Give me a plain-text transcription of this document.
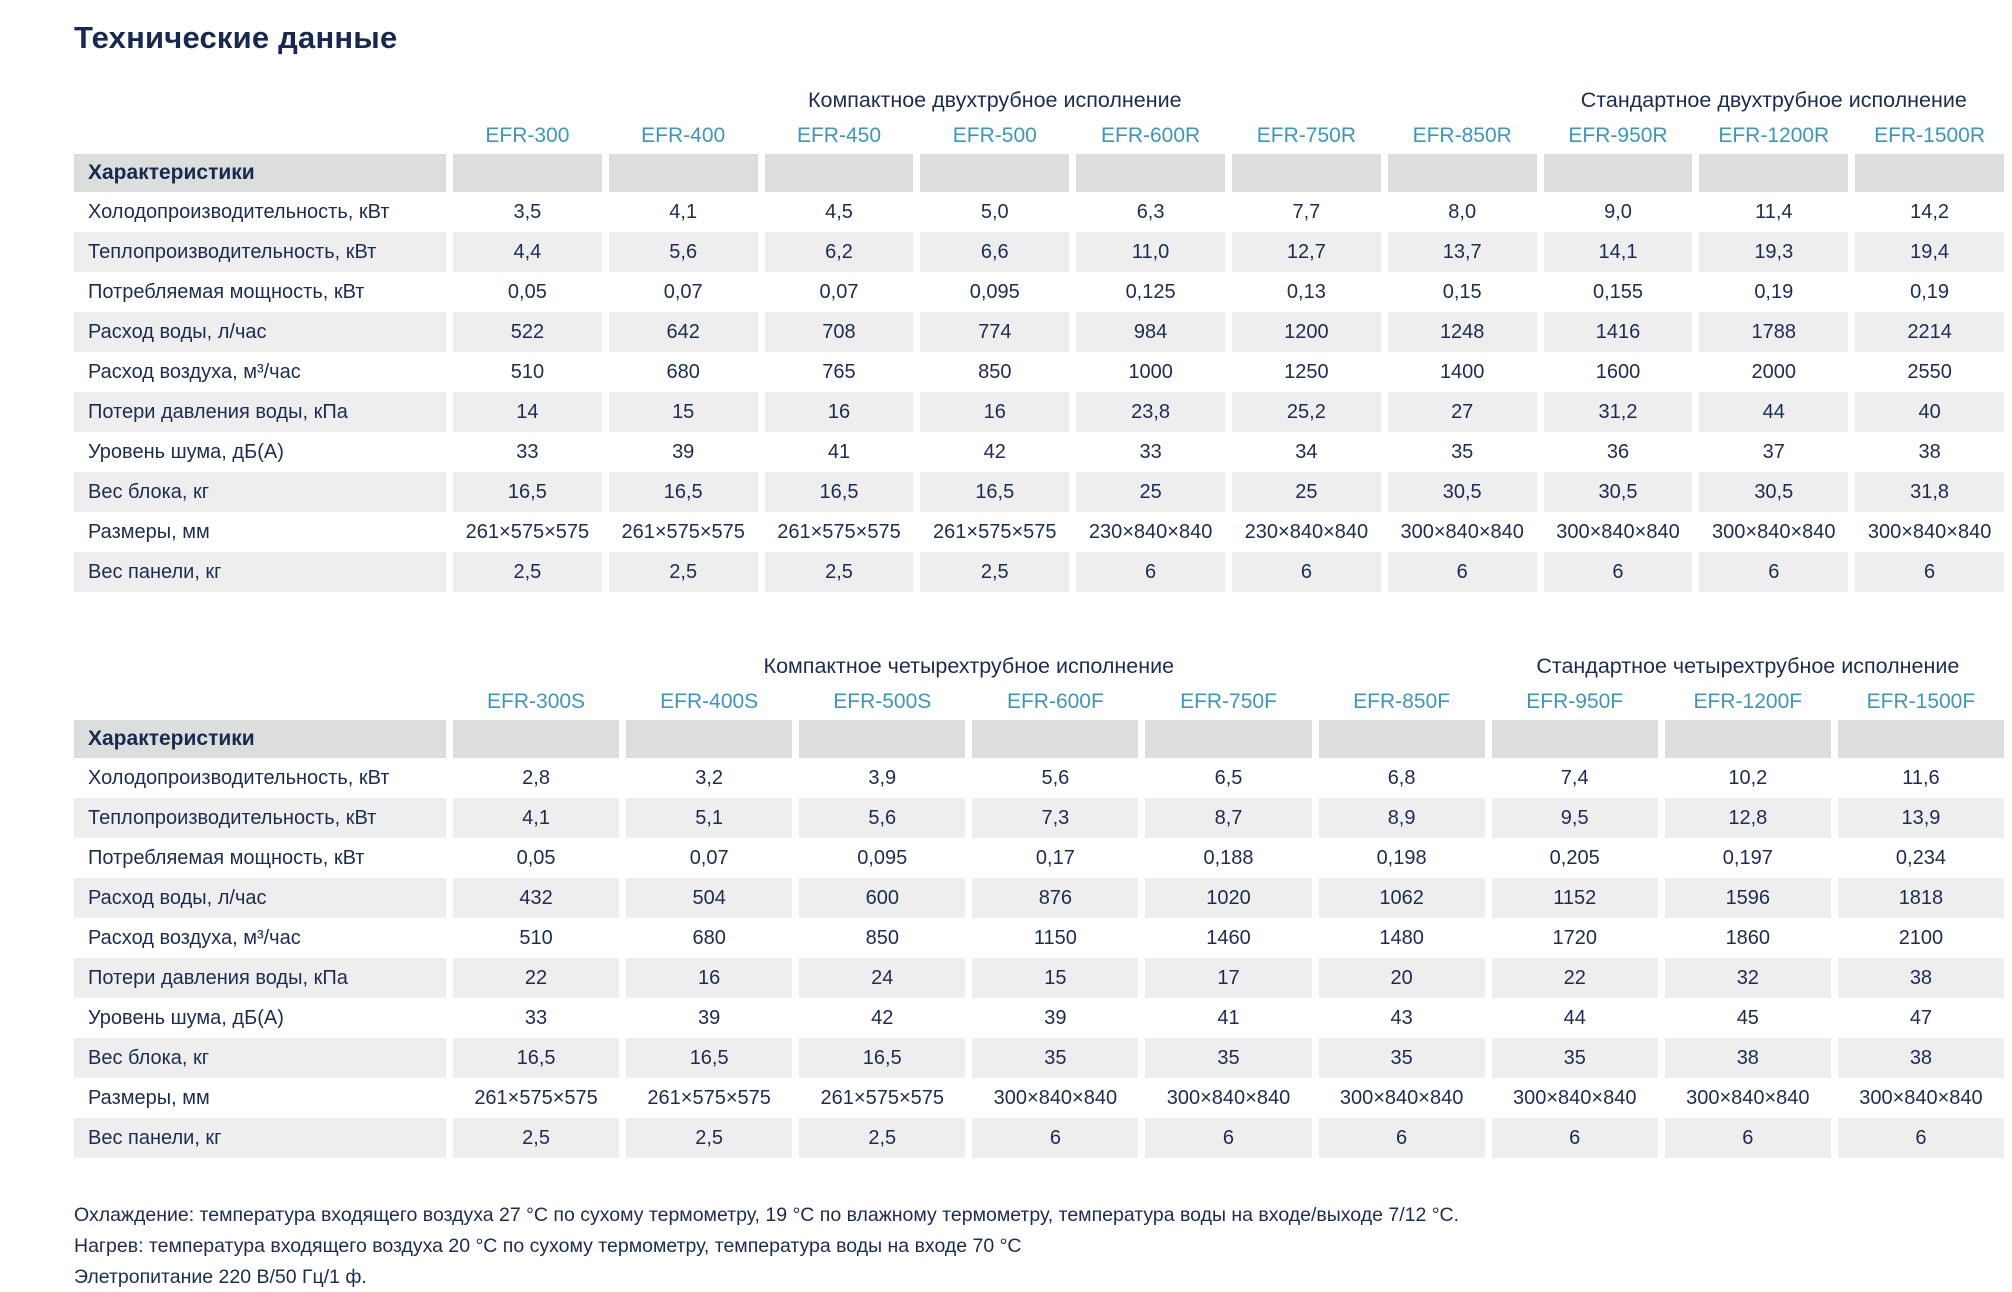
Технические данные
Компактное двухтрубное исполнение	Стандартное двухтрубное исполнение
EFR-300	EFR-400	EFR-450	EFR-500	EFR-600R	EFR-750R	EFR-850R	EFR-950R	EFR-1200R	EFR-1500R
Характеристики
Холодопроизводительность, кВт	3,5	4,1	4,5	5,0	6,3	7,7	8,0	9,0	11,4	14,2
Теплопроизводительность, кВт	4,4	5,6	6,2	6,6	11,0	12,7	13,7	14,1	19,3	19,4
Потребляемая мощность, кВт	0,05	0,07	0,07	0,095	0,125	0,13	0,15	0,155	0,19	0,19
Расход воды, л/час	522	642	708	774	984	1200	1248	1416	1788	2214
Расход воздуха, м³/час	510	680	765	850	1000	1250	1400	1600	2000	2550
Потери давления воды, кПа	14	15	16	16	23,8	25,2	27	31,2	44	40
Уровень шума, дБ(А)	33	39	41	42	33	34	35	36	37	38
Вес блока, кг	16,5	16,5	16,5	16,5	25	25	30,5	30,5	30,5	31,8
Размеры, мм	261×575×575	261×575×575	261×575×575	261×575×575	230×840×840	230×840×840	300×840×840	300×840×840	300×840×840	300×840×840
Вес панели, кг	2,5	2,5	2,5	2,5	6	6	6	6	6	6
Компактное четырехтрубное исполнение	Стандартное четырехтрубное исполнение
EFR-300S	EFR-400S	EFR-500S	EFR-600F	EFR-750F	EFR-850F	EFR-950F	EFR-1200F	EFR-1500F
Характеристики
Холодопроизводительность, кВт	2,8	3,2	3,9	5,6	6,5	6,8	7,4	10,2	11,6
Теплопроизводительность, кВт	4,1	5,1	5,6	7,3	8,7	8,9	9,5	12,8	13,9
Потребляемая мощность, кВт	0,05	0,07	0,095	0,17	0,188	0,198	0,205	0,197	0,234
Расход воды, л/час	432	504	600	876	1020	1062	1152	1596	1818
Расход воздуха, м³/час	510	680	850	1150	1460	1480	1720	1860	2100
Потери давления воды, кПа	22	16	24	15	17	20	22	32	38
Уровень шума, дБ(А)	33	39	42	39	41	43	44	45	47
Вес блока, кг	16,5	16,5	16,5	35	35	35	35	38	38
Размеры, мм	261×575×575	261×575×575	261×575×575	300×840×840	300×840×840	300×840×840	300×840×840	300×840×840	300×840×840
Вес панели, кг	2,5	2,5	2,5	6	6	6	6	6	6

Охлаждение: температура входящего воздуха 27 °С по сухому термометру, 19 °С по влажному термометру, температура воды на входе/выходе 7/12 °С.

Нагрев: температура входящего воздуха 20 °С по сухому термометру, температура воды на входе 70 °С

Элетропитание 220 В/50 Гц/1 ф.
